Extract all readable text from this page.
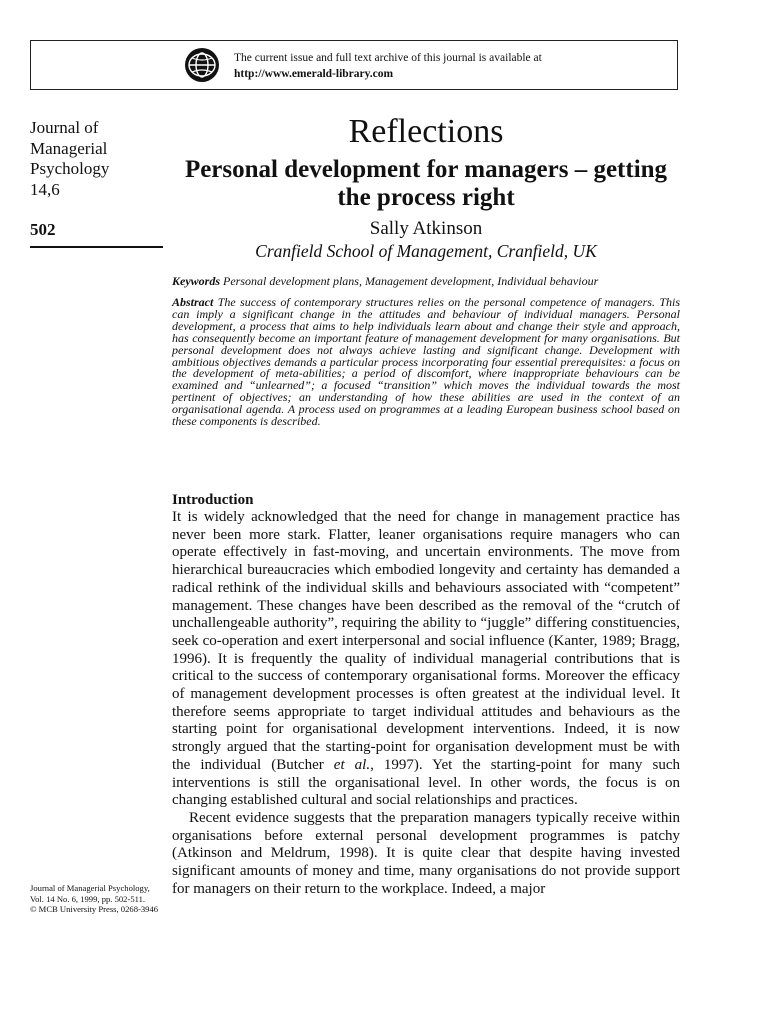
The current issue and full text archive of this journal is available at
http://www.emerald-library.com
Journal of
Managerial
Psychology
14,6
502
Reflections
Personal development for managers – getting the process right
Sally Atkinson
Cranfield School of Management, Cranfield, UK
Keywords Personal development plans, Management development, Individual behaviour
Abstract The success of contemporary structures relies on the personal competence of managers. This can imply a significant change in the attitudes and behaviour of individual managers. Personal development, a process that aims to help individuals learn about and change their style and approach, has consequently become an important feature of management development for many organisations. But personal development does not always achieve lasting and significant change. Development with ambitious objectives demands a particular process incorporating four essential prerequisites: a focus on the development of meta-abilities; a period of discomfort, where inappropriate behaviours can be examined and “unlearned”; a focused “transition” which moves the individual towards the most pertinent of objectives; an understanding of how these abilities are used in the context of an organisational agenda. A process used on programmes at a leading European business school based on these components is described.
Introduction

It is widely acknowledged that the need for change in management practice has never been more stark. Flatter, leaner organisations require managers who can operate effectively in fast-moving, and uncertain environments. The move from hierarchical bureaucracies which embodied longevity and certainty has demanded a radical rethink of the individual skills and behaviours associated with “competent” management. These changes have been described as the removal of the “crutch of unchallengeable authority”, requiring the ability to “juggle” differing constituencies, seek co-operation and exert interpersonal and social influence (Kanter, 1989; Bragg, 1996). It is frequently the quality of individual managerial contributions that is critical to the success of contemporary organisational forms. Moreover the efficacy of management development processes is often greatest at the individual level. It therefore seems appropriate to target individual attitudes and behaviours as the starting point for organisational development interventions. Indeed, it is now strongly argued that the starting-point for organisation development must be with the individual (Butcher et al., 1997). Yet the starting-point for many such interventions is still the organisational level. In other words, the focus is on changing established cultural and social relationships and practices.

Recent evidence suggests that the preparation managers typically receive within organisations before external personal development programmes is patchy (Atkinson and Meldrum, 1998). It is quite clear that despite having invested significant amounts of money and time, many organisations do not provide support for managers on their return to the workplace. Indeed, a major

Journal of Managerial Psychology,
Vol. 14 No. 6, 1999, pp. 502-511.
© MCB University Press, 0268-3946
